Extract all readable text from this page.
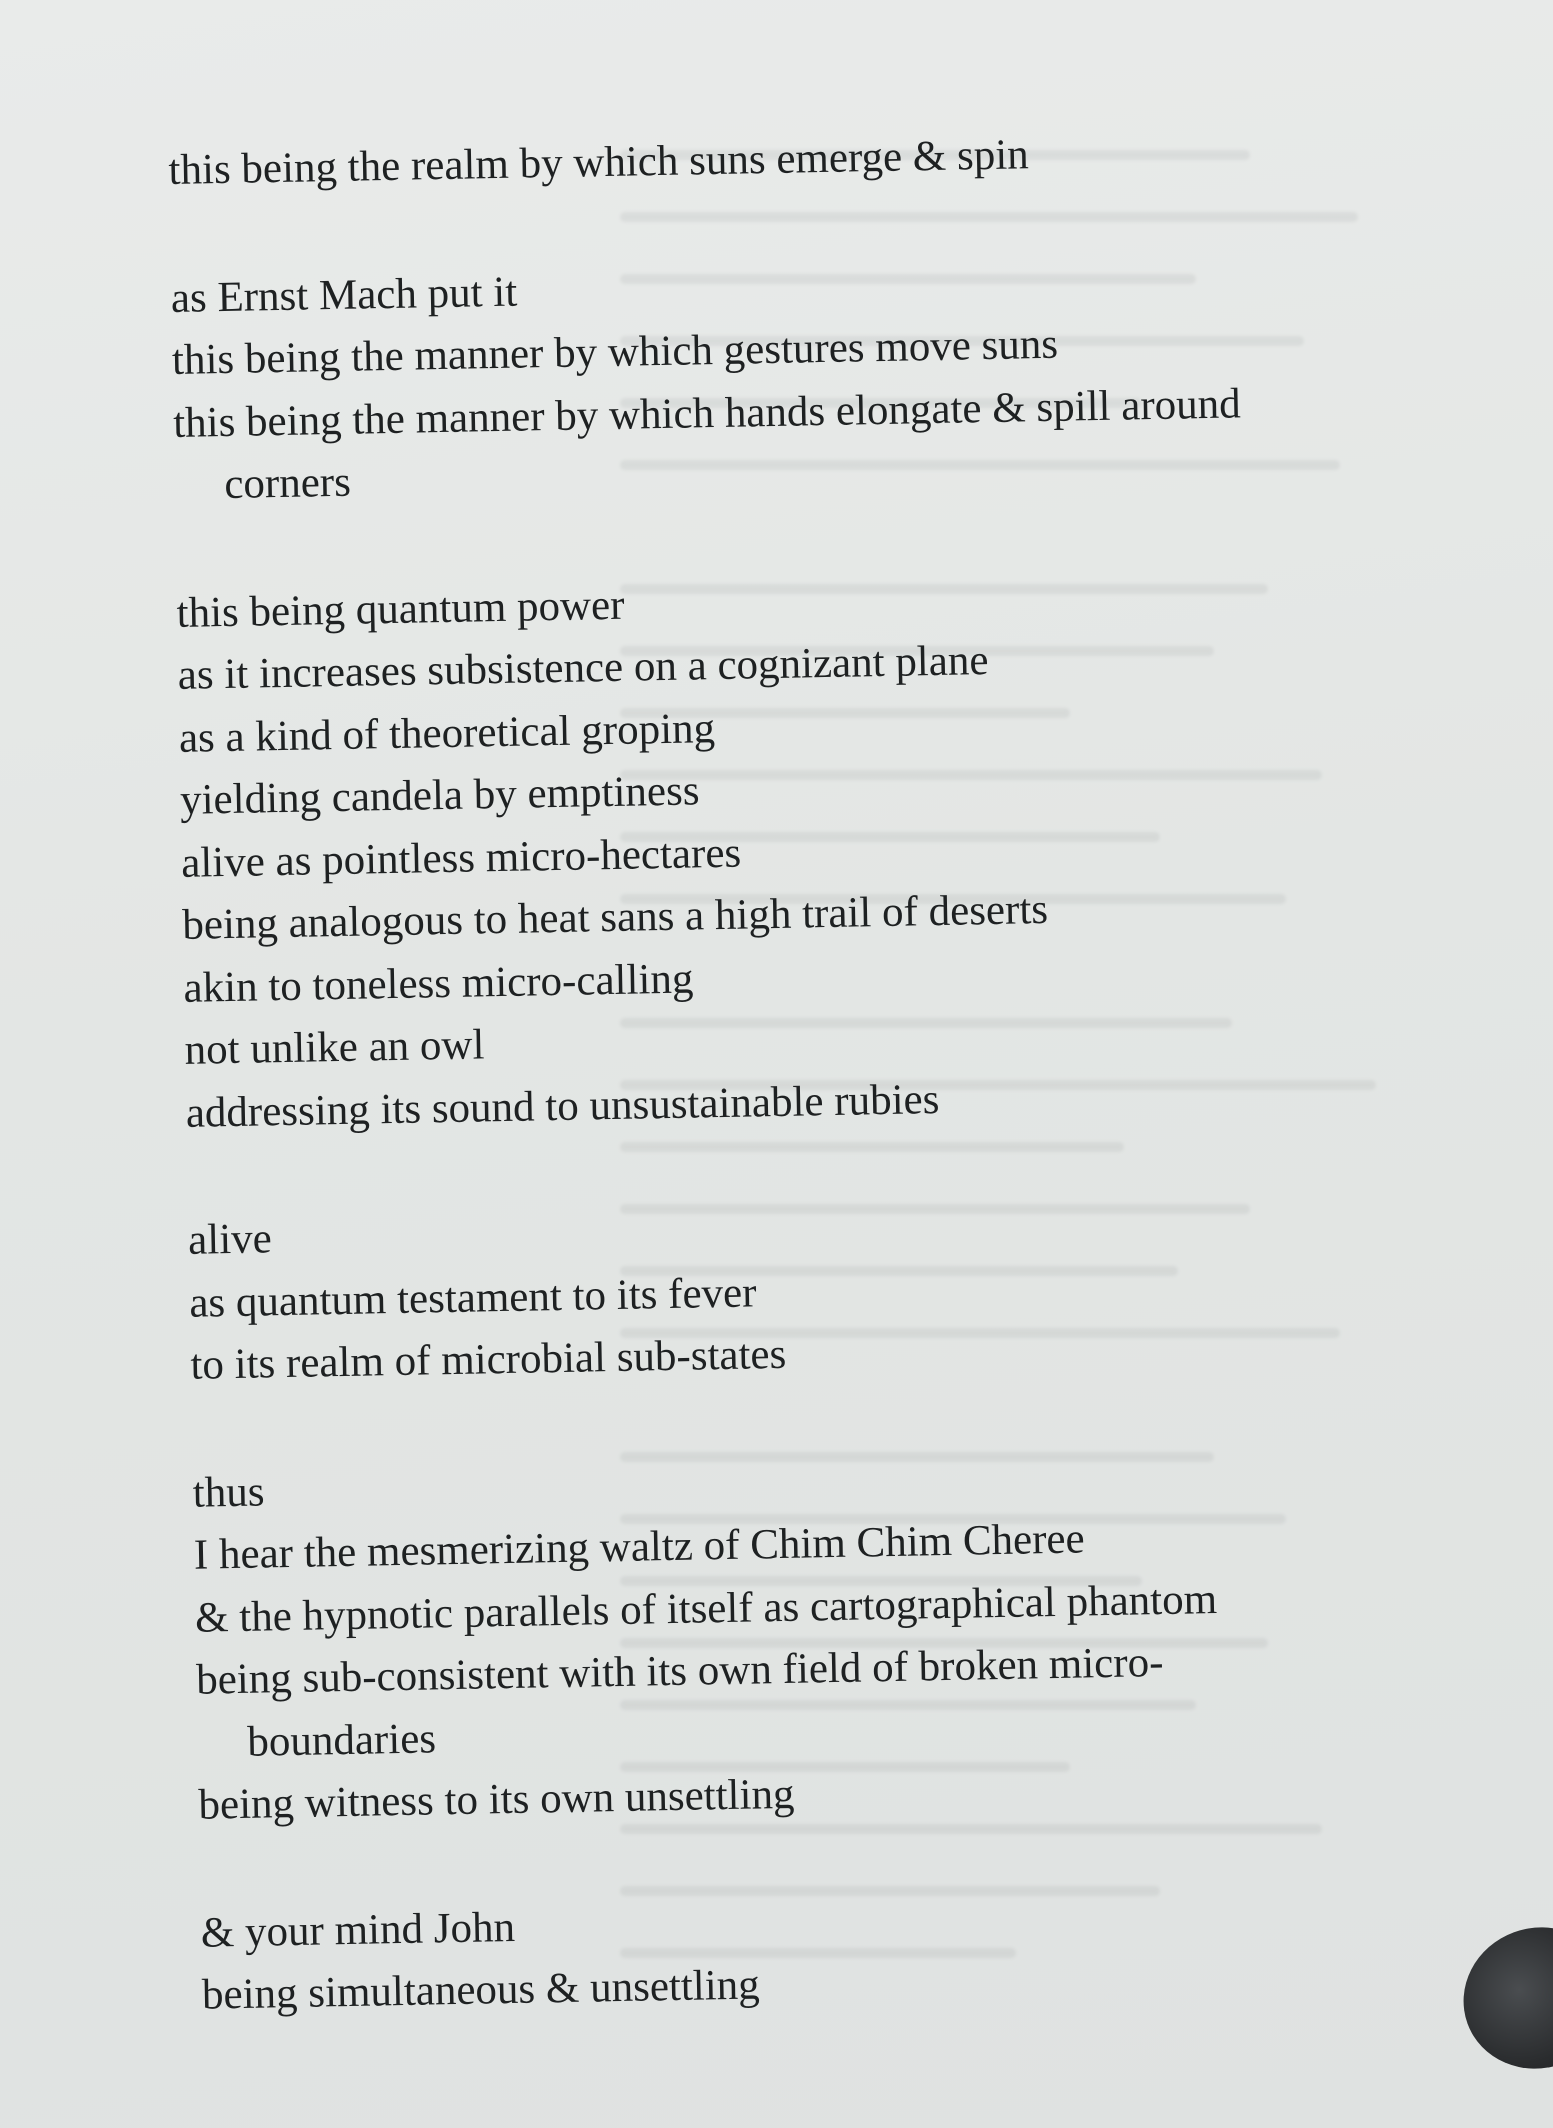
this being the realm by which suns emerge & spin
as Ernst Mach put it
this being the manner by which gestures move suns
this being the manner by which hands elongate & spill around
corners
this being quantum power
as it increases subsistence on a cognizant plane
as a kind of theoretical groping
yielding candela by emptiness
alive as pointless micro-hectares
being analogous to heat sans a high trail of deserts
akin to toneless micro-calling
not unlike an owl
addressing its sound to unsustainable rubies
alive
as quantum testament to its fever
to its realm of microbial sub-states
thus
I hear the mesmerizing waltz of Chim Chim Cheree
& the hypnotic parallels of itself as cartographical phantom
being sub-consistent with its own field of broken micro-
boundaries
being witness to its own unsettling
& your mind John
being simultaneous & unsettling
